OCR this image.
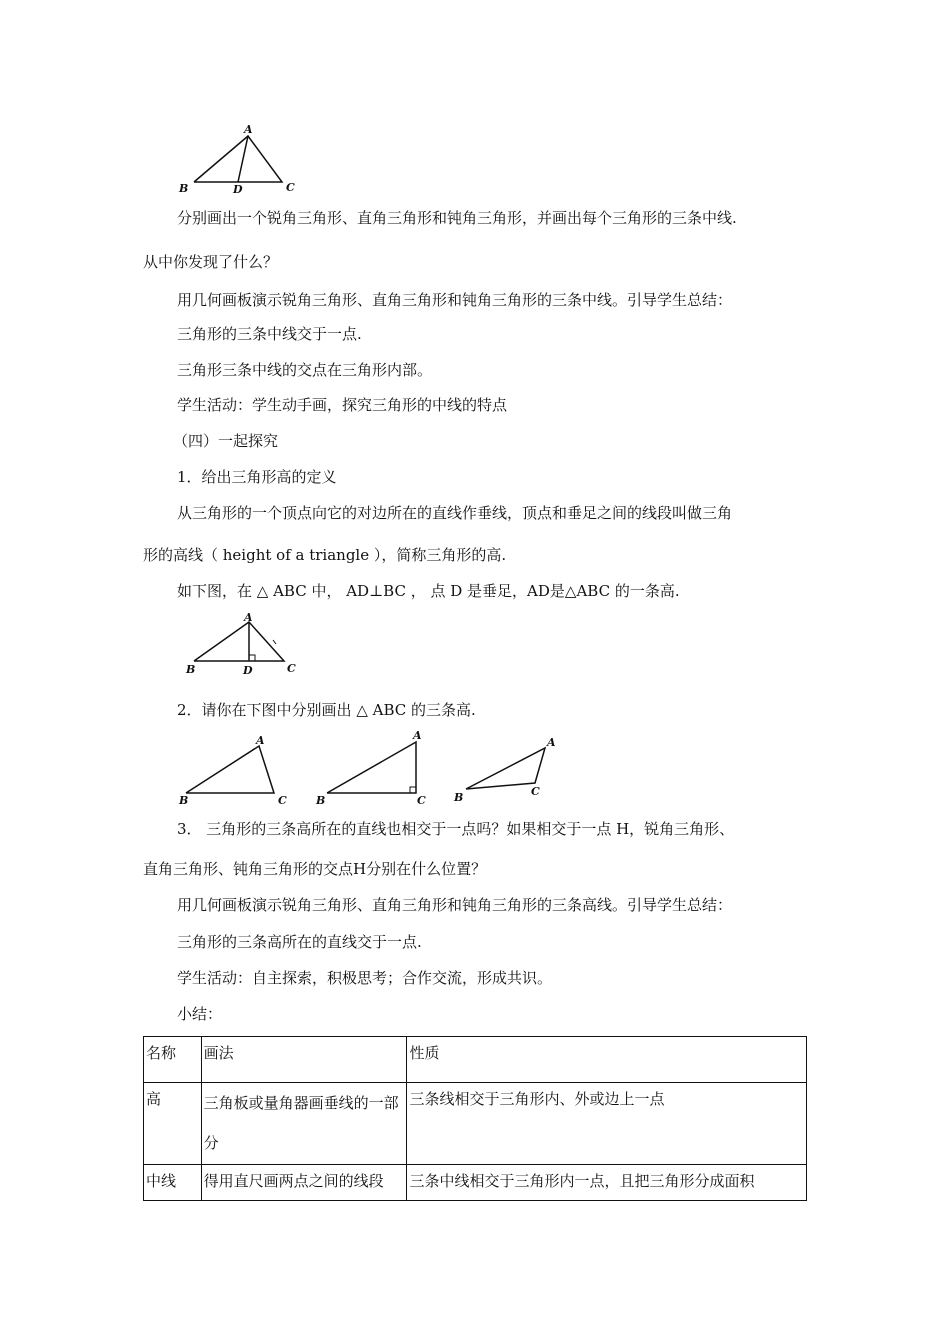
A
B	D	C
分别画出一个锐角三角形、直角三角形和钝角三角形，并画出每个三角形的三条中线.
从中你发现了什么？
用几何画板演示锐角三角形、直角三角形和钝角三角形的三条中线。引导学生总结：
三角形的三条中线交于一点.
三角形三条中线的交点在三角形内部。
学生活动：学生动手画，探究三角形的中线的特点
（四）一起探究
1．给出三角形高的定义
从三角形的一个顶点向它的对边所在的直线作垂线，顶点和垂足之间的线段叫做三角
形的高线（ height of a triangle ），简称三角形的高.
如下图，在 △ ABC 中， AD⊥BC ， 点 D 是垂足，AD是△ABC 的一条高.
A
B	D	C
2．请你在下图中分别画出 △ ABC 的三条高.
A
B	C
A
B	C
A
B	C
3． 三角形的三条高所在的直线也相交于一点吗？如果相交于一点 H，锐角三角形、
直角三角形、钝角三角形的交点H分别在什么位置？
用几何画板演示锐角三角形、直角三角形和钝角三角形的三条高线。引导学生总结：
三角形的三条高所在的直线交于一点.
学生活动：自主探索，积极思考；合作交流，形成共识。
小结：
名称	画法	性质
高	三角板或量角器画垂线的一部分	三条线相交于三角形内、外或边上一点
中线	得用直尺画两点之间的线段	三条中线相交于三角形内一点，且把三角形分成面积
